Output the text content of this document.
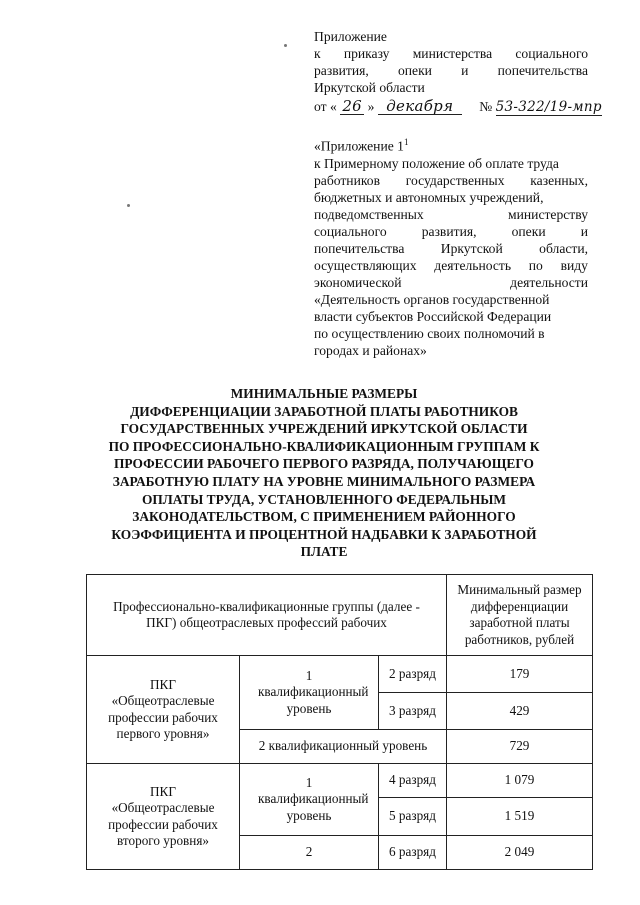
Приложение
к приказу министерства социального
развития, опеки и попечительства
Иркутской области
от « 26 » декабря № 53-322/19-мпр
«Приложение $1^1$
к Примерному положение об оплате труда
работников государственных казенных,
бюджетных и автономных учреждений,
подведомственных	министерству
социального	развития,	опеки	и
попечительства	Иркутской	области,
осуществляющих деятельность по виду
экономической	деятельности
«Деятельность органов государственной
власти субъектов Российской Федерации
по осуществлению своих полномочий в
городах и районах»
МИНИМАЛЬНЫЕ РАЗМЕРЫ
ДИФФЕРЕНЦИАЦИИ ЗАРАБОТНОЙ ПЛАТЫ РАБОТНИКОВ
ГОСУДАРСТВЕННЫХ УЧРЕЖДЕНИЙ ИРКУТСКОЙ ОБЛАСТИ
ПО ПРОФЕССИОНАЛЬНО-КВАЛИФИКАЦИОННЫМ ГРУППАМ К
ПРОФЕССИИ РАБОЧЕГО ПЕРВОГО РАЗРЯДА, ПОЛУЧАЮЩЕГО
ЗАРАБОТНУЮ ПЛАТУ НА УРОВНЕ МИНИМАЛЬНОГО РАЗМЕРА
ОПЛАТЫ ТРУДА, УСТАНОВЛЕННОГО ФЕДЕРАЛЬНЫМ
ЗАКОНОДАТЕЛЬСТВОМ, С ПРИМЕНЕНИЕМ РАЙОННОГО
КОЭФФИЦИЕНТА И ПРОЦЕНТНОЙ НАДБАВКИ К ЗАРАБОТНОЙ
ПЛАТЕ
Профессионально-квалификационные группы (далее - ПКГ) общеотраслевых профессий рабочих			Минимальный размер дифференциации заработной платы работников, рублей
ПКГ «Общеотраслевые профессии рабочих первого уровня»	1 квалификационный уровень	2 разряд	179
		3 разряд	429
	2 квалификационный уровень		729
ПКГ «Общеотраслевые профессии рабочих второго уровня»	1 квалификационный уровень	4 разряд	1 079
		5 разряд	1 519
	2	6 разряд	2 049
